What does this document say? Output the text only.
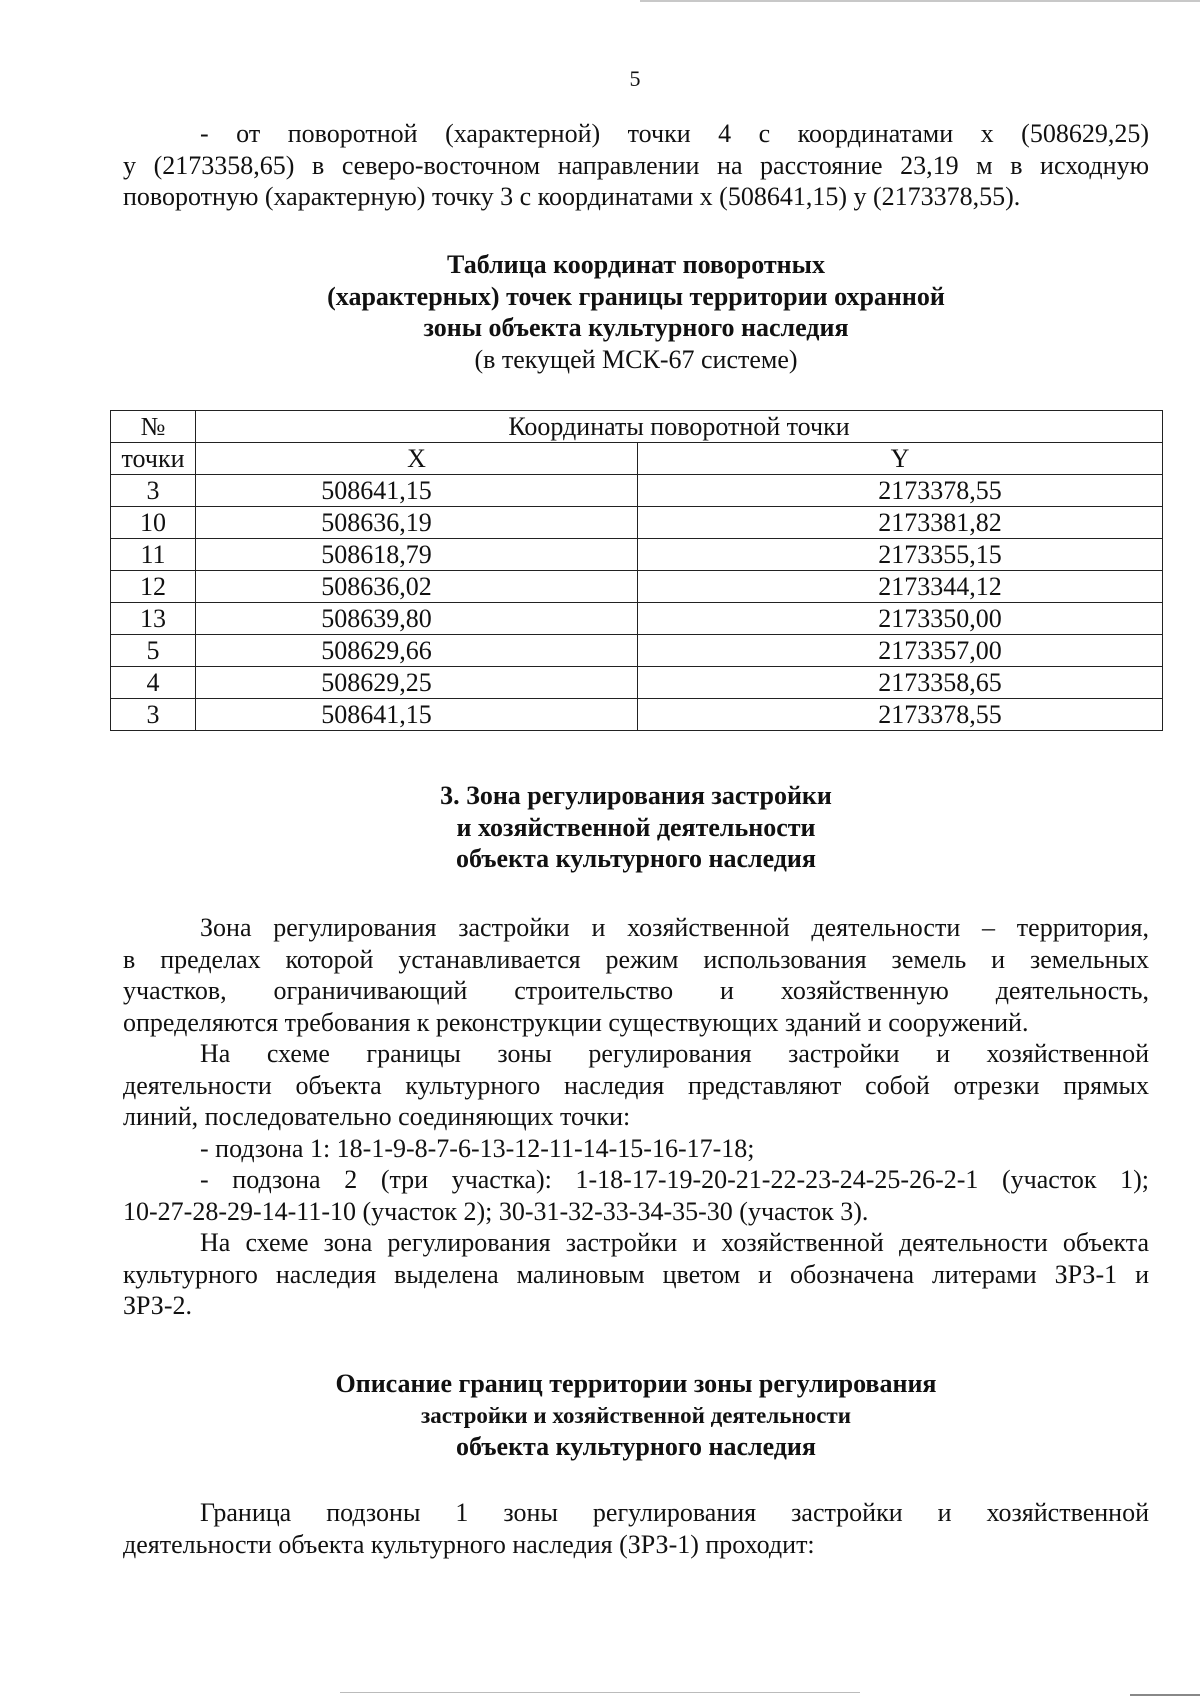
5

- от поворотной (характерной) точки 4 с координатами х (508629,25)

у (2173358,65) в северо-восточном направлении на расстояние 23,19 м в исходную

поворотную (характерную) точку 3 с координатами х (508641,15) у (2173378,55).

Таблица координат поворотных
(характерных) точек границы территории охранной
зоны объекта культурного наследия
(в текущей МСК-67 системе)
№	Координаты поворотной точки	
точки	X	Y
3	508641,15	2173378,55
10	508636,19	2173381,82
11	508618,79	2173355,15
12	508636,02	2173344,12
13	508639,80	2173350,00
5	508629,66	2173357,00
4	508629,25	2173358,65
3	508641,15	2173378,55
3. Зона регулирования застройки
и хозяйственной деятельности
объекта культурного наследия

Зона регулирования застройки и хозяйственной деятельности – территория,

в пределах которой устанавливается режим использования земель и земельных

участков, ограничивающий строительство и хозяйственную деятельность,

определяются требования к реконструкции существующих зданий и сооружений.

На схеме границы зоны регулирования застройки и хозяйственной

деятельности объекта культурного наследия представляют собой отрезки прямых

линий, последовательно соединяющих точки:

- подзона 1: 18-1-9-8-7-6-13-12-11-14-15-16-17-18;

- подзона 2 (три участка): 1-18-17-19-20-21-22-23-24-25-26-2-1 (участок 1);

10-27-28-29-14-11-10 (участок 2); 30-31-32-33-34-35-30 (участок 3).

На схеме зона регулирования застройки и хозяйственной деятельности объекта

культурного наследия выделена малиновым цветом и обозначена литерами ЗРЗ-1 и

ЗРЗ-2.

Описание границ территории зоны регулирования
застройки и хозяйственной деятельности
объекта культурного наследия

Граница подзоны 1 зоны регулирования застройки и хозяйственной

деятельности объекта культурного наследия (ЗРЗ-1) проходит:
